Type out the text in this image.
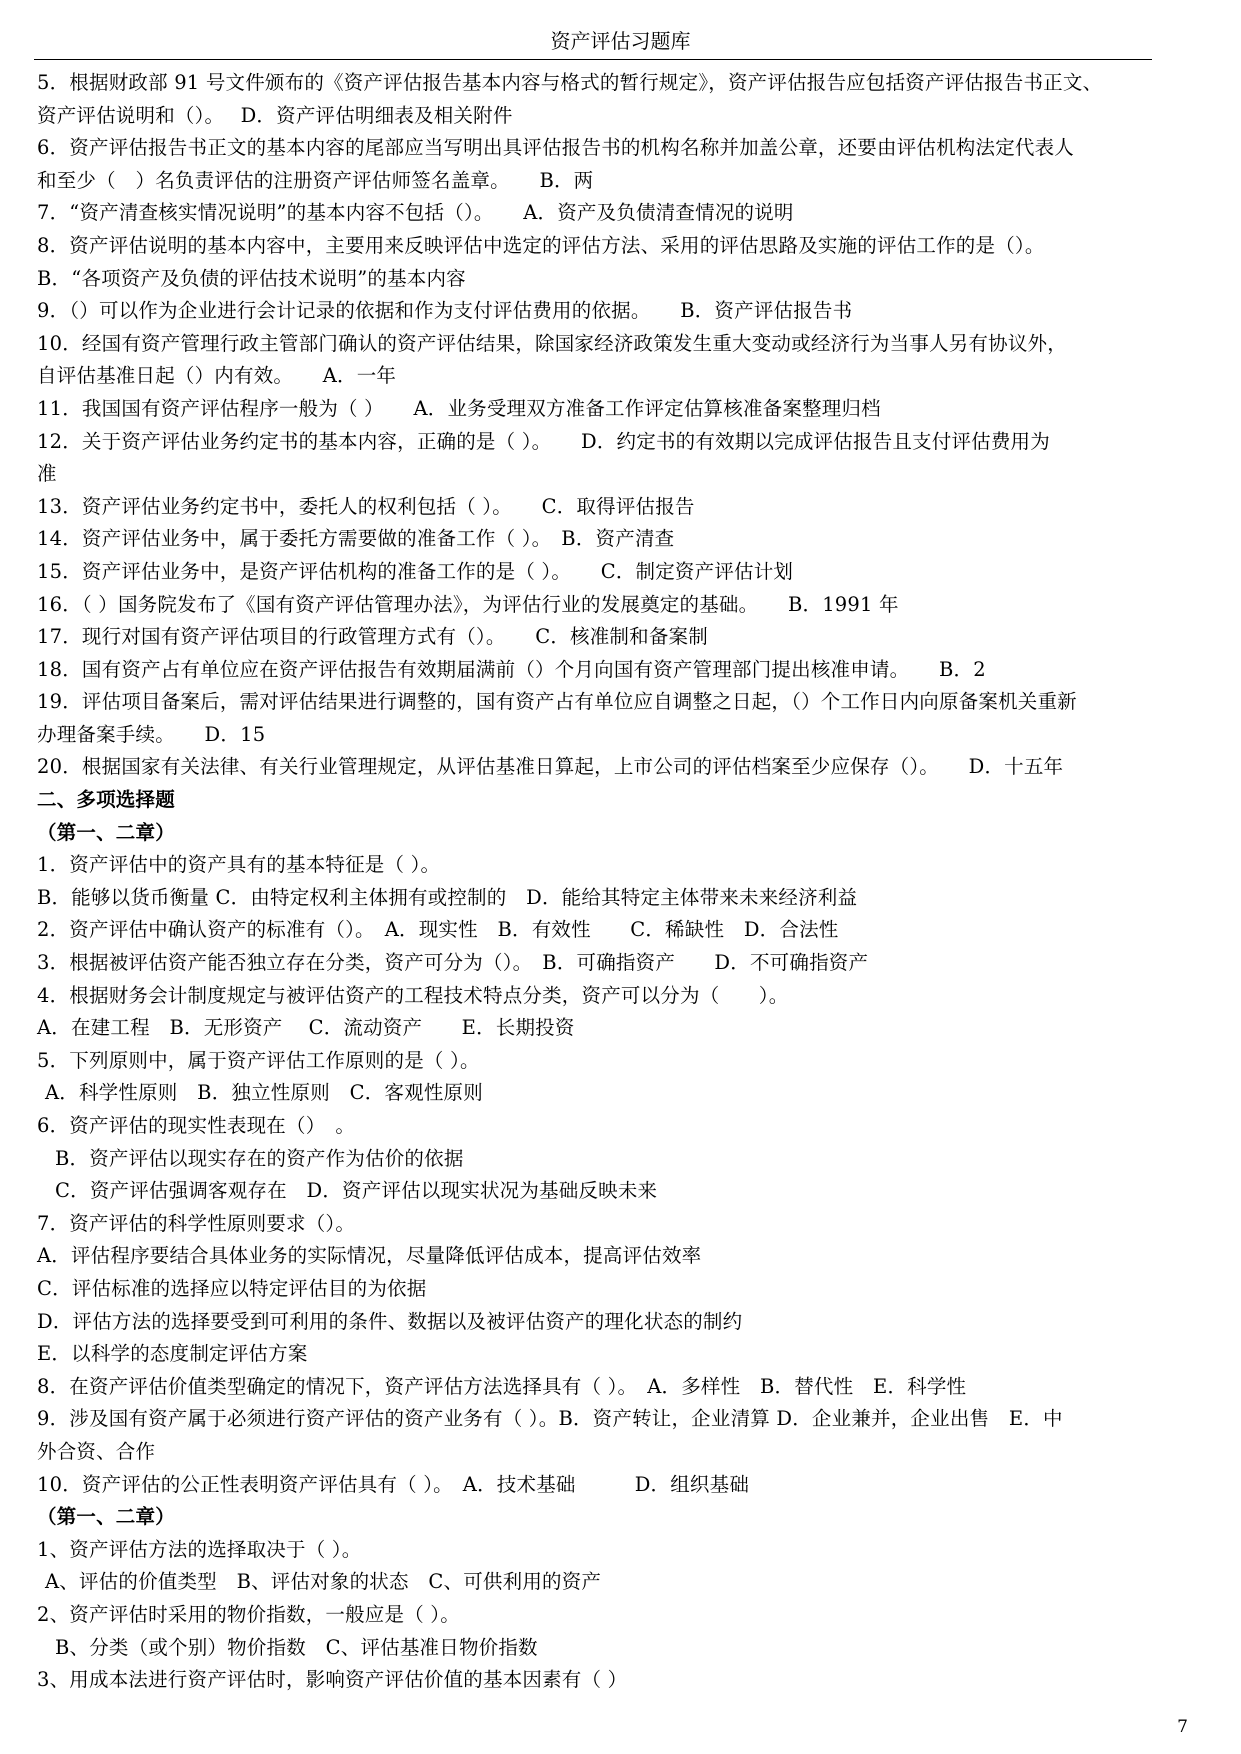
资产评估习题库
5．根据财政部 91 号文件颁布的《资产评估报告基本内容与格式的暂行规定》，资产评估报告应包括资产评估报告书正文、
资产评估说明和（）。　 D．资产评估明细表及相关附件
6．资产评估报告书正文的基本内容的尾部应当写明出具评估报告书的机构名称并加盖公章，还要由评估机构法定代表人
和至少（　）名负责评估的注册资产评估师签名盖章。　　B．两
7．“资产清查核实情况说明”的基本内容不包括（）。　　A．资产及负债清查情况的说明
8．资产评估说明的基本内容中，主要用来反映评估中选定的评估方法、采用的评估思路及实施的评估工作的是（）。
B．“各项资产及负债的评估技术说明”的基本内容
9．（）可以作为企业进行会计记录的依据和作为支付评估费用的依据。　　B．资产评估报告书
10．经国有资产管理行政主管部门确认的资产评估结果，除国家经济政策发生重大变动或经济行为当事人另有协议外，
自评估基准日起（）内有效。　　A．一年
11．我国国有资产评估程序一般为（ ）　　A．业务受理双方准备工作评定估算核准备案整理归档
12．关于资产评估业务约定书的基本内容，正确的是（ ）。　　D．约定书的有效期以完成评估报告且支付评估费用为
准
13．资产评估业务约定书中，委托人的权利包括（ ）。　　C．取得评估报告
14．资产评估业务中，属于委托方需要做的准备工作（ ）。　B．资产清查
15．资产评估业务中，是资产评估机构的准备工作的是（ ）。　　C．制定资产评估计划
16．（ ）国务院发布了《国有资产评估管理办法》，为评估行业的发展奠定的基础。　　B．1991 年
17．现行对国有资产评估项目的行政管理方式有（）。　　C．核准制和备案制
18．国有资产占有单位应在资产评估报告有效期届满前（）个月向国有资产管理部门提出核准申请。　　B．2
19．评估项目备案后，需对评估结果进行调整的，国有资产占有单位应自调整之日起，（）个工作日内向原备案机关重新
办理备案手续。　　D．15
20．根据国家有关法律、有关行业管理规定，从评估基准日算起，上市公司的评估档案至少应保存（）。　　D．十五年
二、多项选择题
（第一、二章）
1．资产评估中的资产具有的基本特征是（ ）。
B．能够以货币衡量 C．由特定权利主体拥有或控制的　D．能给其特定主体带来未来经济利益
2．资产评估中确认资产的标准有（）。　A．现实性　B．有效性　　C．稀缺性　D．合法性
3．根据被评估资产能否独立存在分类，资产可分为（）。　B．可确指资产　　D．不可确指资产
4．根据财务会计制度规定与被评估资产的工程技术特点分类，资产可以分为（　　）。
A．在建工程　B．无形资产　 C．流动资产　　E．长期投资
5．下列原则中，属于资产评估工作原则的是（ ）。
A．科学性原则　B．独立性原则　C．客观性原则
6．资产评估的现实性表现在（）　。
B．资产评估以现实存在的资产作为估价的依据
C．资产评估强调客观存在　D．资产评估以现实状况为基础反映未来
7．资产评估的科学性原则要求（）。
A．评估程序要结合具体业务的实际情况，尽量降低评估成本，提高评估效率
C．评估标准的选择应以特定评估目的为依据
D．评估方法的选择要受到可利用的条件、数据以及被评估资产的理化状态的制约
E．以科学的态度制定评估方案
8．在资产评估价值类型确定的情况下，资产评估方法选择具有（ ）。　A．多样性　B．替代性　E．科学性
9．涉及国有资产属于必须进行资产评估的资产业务有（ ）。B．资产转让，企业清算 D．企业兼并，企业出售　E．中
外合资、合作
10．资产评估的公正性表明资产评估具有（ ）。　A．技术基础　　　D．组织基础
（第一、二章）
1、资产评估方法的选择取决于（ ）。
A、评估的价值类型　B、评估对象的状态　C、可供利用的资产
2、资产评估时采用的物价指数，一般应是（ ）。
B、分类（或个别）物价指数　C、评估基准日物价指数
3、用成本法进行资产评估时，影响资产评估价值的基本因素有（ ）
7
